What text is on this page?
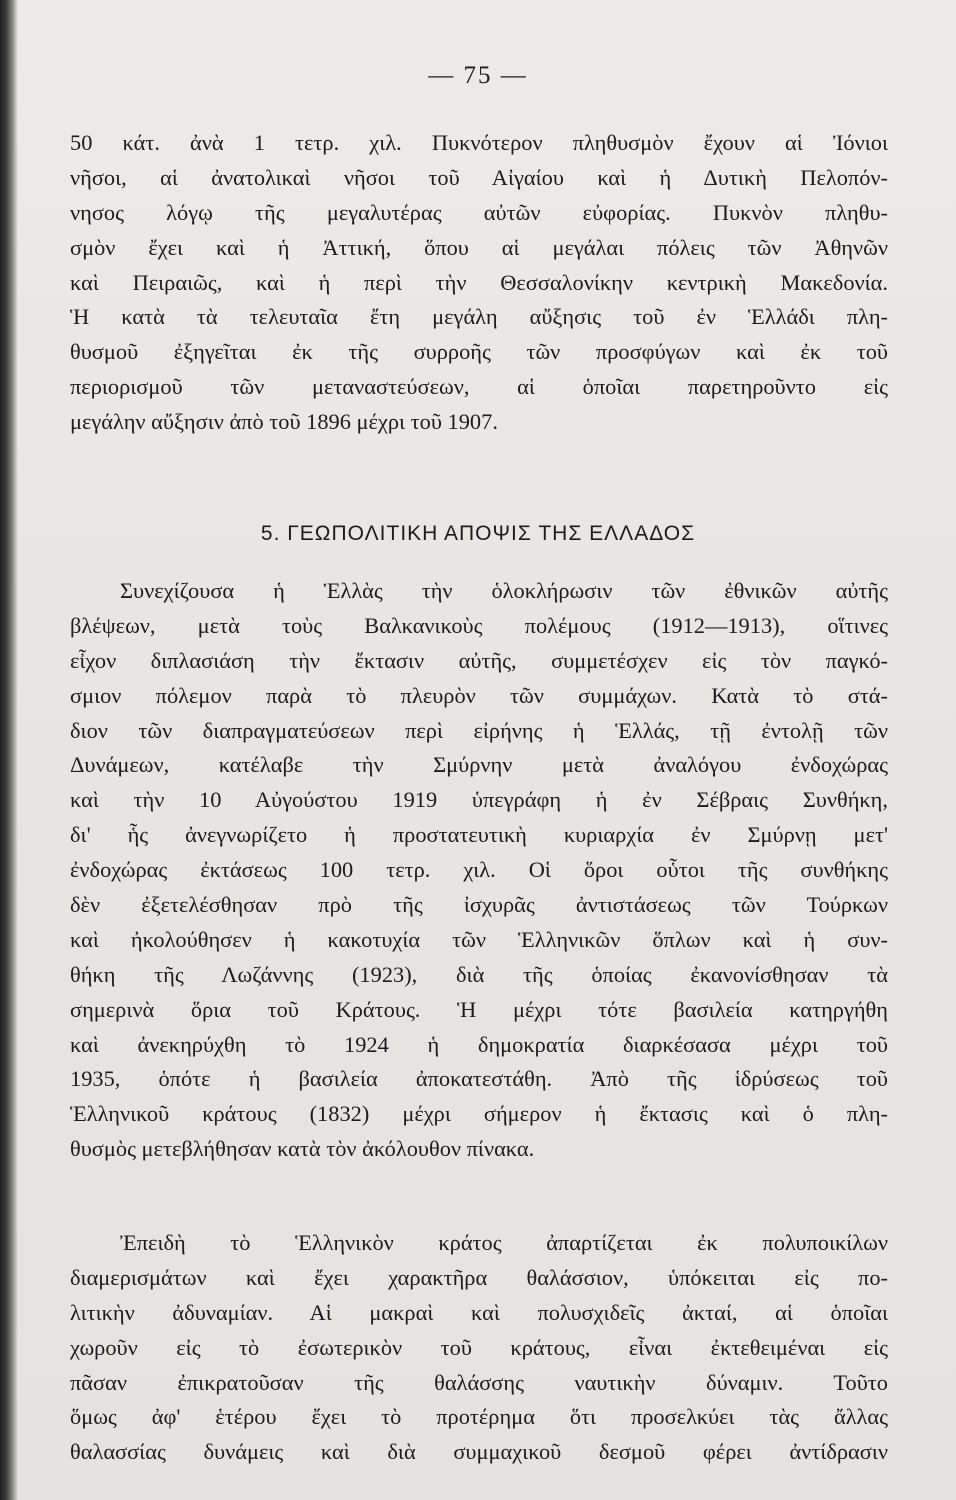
— 75 —
50 κάτ. ἀνὰ 1 τετρ. χιλ. Πυκνότερον πληθυσμὸν ἔχουν αἱ Ἰόνιοι
νῆσοι, αἱ ἀνατολικαὶ νῆσοι τοῦ Αἰγαίου καὶ ἡ Δυτικὴ Πελοπόν-
νησος λόγῳ τῆς μεγαλυτέρας αὐτῶν εὐφορίας. Πυκνὸν πληθυ-
σμὸν ἔχει καὶ ἡ Ἀττική, ὅπου αἱ μεγάλαι πόλεις τῶν Ἀθηνῶν
καὶ Πειραιῶς, καὶ ἡ περὶ τὴν Θεσσαλονίκην κεντρικὴ Μακεδονία.
Ἡ κατὰ τὰ τελευταῖα ἔτη μεγάλη αὔξησις τοῦ ἐν Ἑλλάδι πλη-
θυσμοῦ ἐξηγεῖται ἐκ τῆς συρροῆς τῶν προσφύγων καὶ ἐκ τοῦ
περιορισμοῦ τῶν μεταναστεύσεων, αἱ ὁποῖαι παρετηροῦντο εἰς
μεγάλην αὔξησιν ἀπὸ τοῦ 1896 μέχρι τοῦ 1907.
5. ΓΕΩΠΟΛΙΤΙΚΗ ΑΠΟΨΙΣ ΤΗΣ ΕΛΛΑΔΟΣ
Συνεχίζουσα ἡ Ἑλλὰς τὴν ὁλοκλήρωσιν τῶν ἐθνικῶν αὐτῆς
βλέψεων, μετὰ τοὺς Βαλκανικοὺς πολέμους (1912—1913), οἵτινες
εἶχον διπλασιάση τὴν ἔκτασιν αὐτῆς, συμμετέσχεν εἰς τὸν παγκό-
σμιον πόλεμον παρὰ τὸ πλευρὸν τῶν συμμάχων. Κατὰ τὸ στά-
διον τῶν διαπραγματεύσεων περὶ εἰρήνης ἡ Ἑλλάς, τῇ ἐντολῇ τῶν
Δυνάμεων, κατέλαβε τὴν Σμύρνην μετὰ ἀναλόγου ἐνδοχώρας
καὶ τὴν 10 Αὐγούστου 1919 ὑπεγράφη ἡ ἐν Σέβραις Συνθήκη,
δι' ἧς ἀνεγνωρίζετο ἡ προστατευτικὴ κυριαρχία ἐν Σμύρνῃ μετ'
ἐνδοχώρας ἐκτάσεως 100 τετρ. χιλ. Οἱ ὅροι οὗτοι τῆς συνθήκης
δὲν ἐξετελέσθησαν πρὸ τῆς ἰσχυρᾶς ἀντιστάσεως τῶν Τούρκων
καὶ ἠκολούθησεν ἡ κακοτυχία τῶν Ἑλληνικῶν ὅπλων καὶ ἡ συν-
θήκη τῆς Λωζάννης (1923), διὰ τῆς ὁποίας ἐκανονίσθησαν τὰ
σημερινὰ ὅρια τοῦ Κράτους. Ἡ μέχρι τότε βασιλεία κατηργήθη
καὶ ἀνεκηρύχθη τὸ 1924 ἡ δημοκρατία διαρκέσασα μέχρι τοῦ
1935, ὁπότε ἡ βασιλεία ἀποκατεστάθη. Ἀπὸ τῆς ἱδρύσεως τοῦ
Ἑλληνικοῦ κράτους (1832) μέχρι σήμερον ἡ ἔκτασις καὶ ὁ πλη-
θυσμὸς μετεβλήθησαν κατὰ τὸν ἀκόλουθον πίνακα.
Ἐπειδὴ τὸ Ἑλληνικὸν κράτος ἀπαρτίζεται ἐκ πολυποικίλων
διαμερισμάτων καὶ ἔχει χαρακτῆρα θαλάσσιον, ὑπόκειται εἰς πο-
λιτικὴν ἀδυναμίαν. Αἱ μακραὶ καὶ πολυσχιδεῖς ἀκταί, αἱ ὁποῖαι
χωροῦν εἰς τὸ ἐσωτερικὸν τοῦ κράτους, εἶναι ἐκτεθειμέναι εἰς
πᾶσαν ἐπικρατοῦσαν τῆς θαλάσσης ναυτικὴν δύναμιν. Τοῦτο
ὅμως ἀφ' ἑτέρου ἔχει τὸ προτέρημα ὅτι προσελκύει τὰς ἄλλας
θαλασσίας δυνάμεις καὶ διὰ συμμαχικοῦ δεσμοῦ φέρει ἀντίδρασιν
